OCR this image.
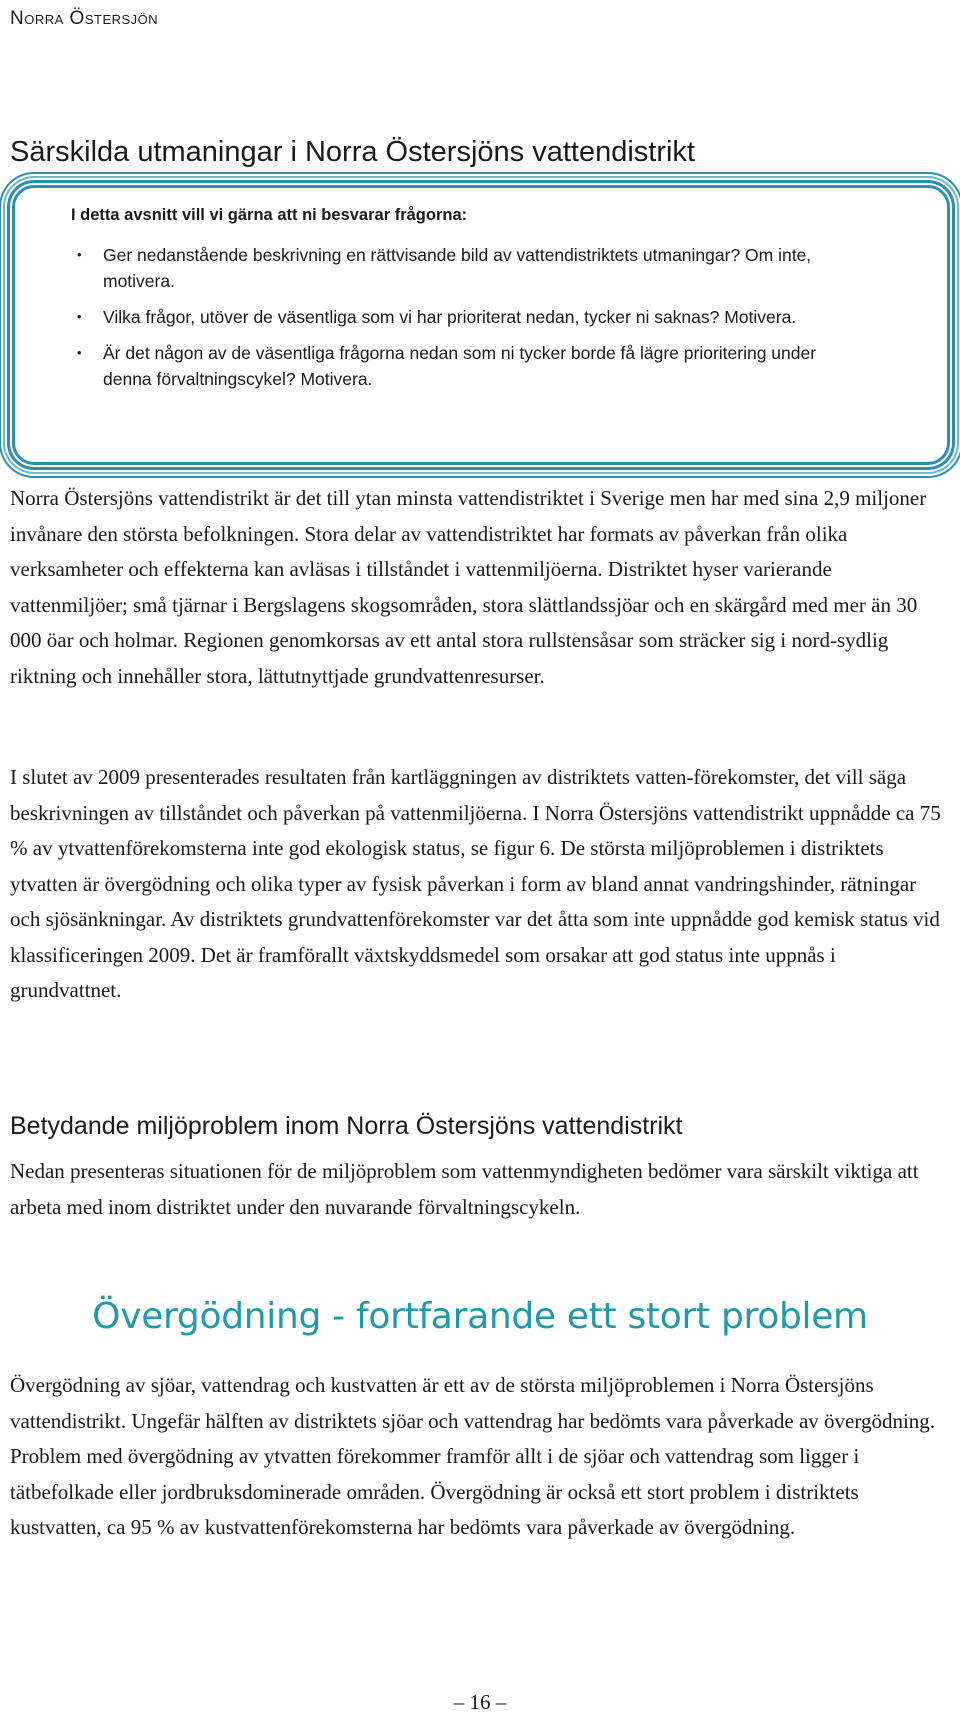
Norra Östersjön
Särskilda utmaningar i Norra Östersjöns vattendistrikt
I detta avsnitt vill vi gärna att ni besvarar frågorna:
• Ger nedanstående beskrivning en rättvisande bild av vattendistriktets utmaningar? Om inte, motivera.
• Vilka frågor, utöver de väsentliga som vi har prioriterat nedan, tycker ni saknas? Motivera.
• Är det någon av de väsentliga frågorna nedan som ni tycker borde få lägre prioritering under denna förvaltningscykel? Motivera.

Norra Östersjöns vattendistrikt är det till ytan minsta vattendistriktet i Sverige men har med sina 2,9 miljoner invånare den största befolkningen. Stora delar av vattendistriktet har formats av påverkan från olika verksamheter och effekterna kan avläsas i tillståndet i vattenmiljöerna. Distriktet hyser varierande vattenmiljöer; små tjärnar i Bergslagens skogsområden, stora slättlandssjöar och en skärgård med mer än 30 000 öar och holmar. Regionen genomkorsas av ett antal stora rullstensåsar som sträcker sig i nord-sydlig riktning och innehåller stora, lättutnyttjade grundvattenresurser.

I slutet av 2009 presenterades resultaten från kartläggningen av distriktets vatten-förekomster, det vill säga beskrivningen av tillståndet och påverkan på vattenmiljöerna. I Norra Östersjöns vattendistrikt uppnådde ca 75 % av ytvattenförekomsterna inte god ekologisk status, se figur 6. De största miljöproblemen i distriktets ytvatten är övergödning och olika typer av fysisk påverkan i form av bland annat vandringshinder, rätningar och sjösänkningar. Av distriktets grundvattenförekomster var det åtta som inte uppnådde god kemisk status vid klassificeringen 2009. Det är framförallt växtskyddsmedel som orsakar att god status inte uppnås i grundvattnet.

Betydande miljöproblem inom Norra Östersjöns vattendistrikt

Nedan presenteras situationen för de miljöproblem som vattenmyndigheten bedömer vara särskilt viktiga att arbeta med inom distriktet under den nuvarande förvaltningscykeln.

Övergödning - fortfarande ett stort problem

Övergödning av sjöar, vattendrag och kustvatten är ett av de största miljöproblemen i Norra Östersjöns vattendistrikt. Ungefär hälften av distriktets sjöar och vattendrag har bedömts vara påverkade av övergödning. Problem med övergödning av ytvatten förekommer framför allt i de sjöar och vattendrag som ligger i tätbefolkade eller jordbruksdominerade områden. Övergödning är också ett stort problem i distriktets kustvatten, ca 95 % av kustvattenförekomsterna har bedömts vara påverkade av övergödning.

– 16 –
